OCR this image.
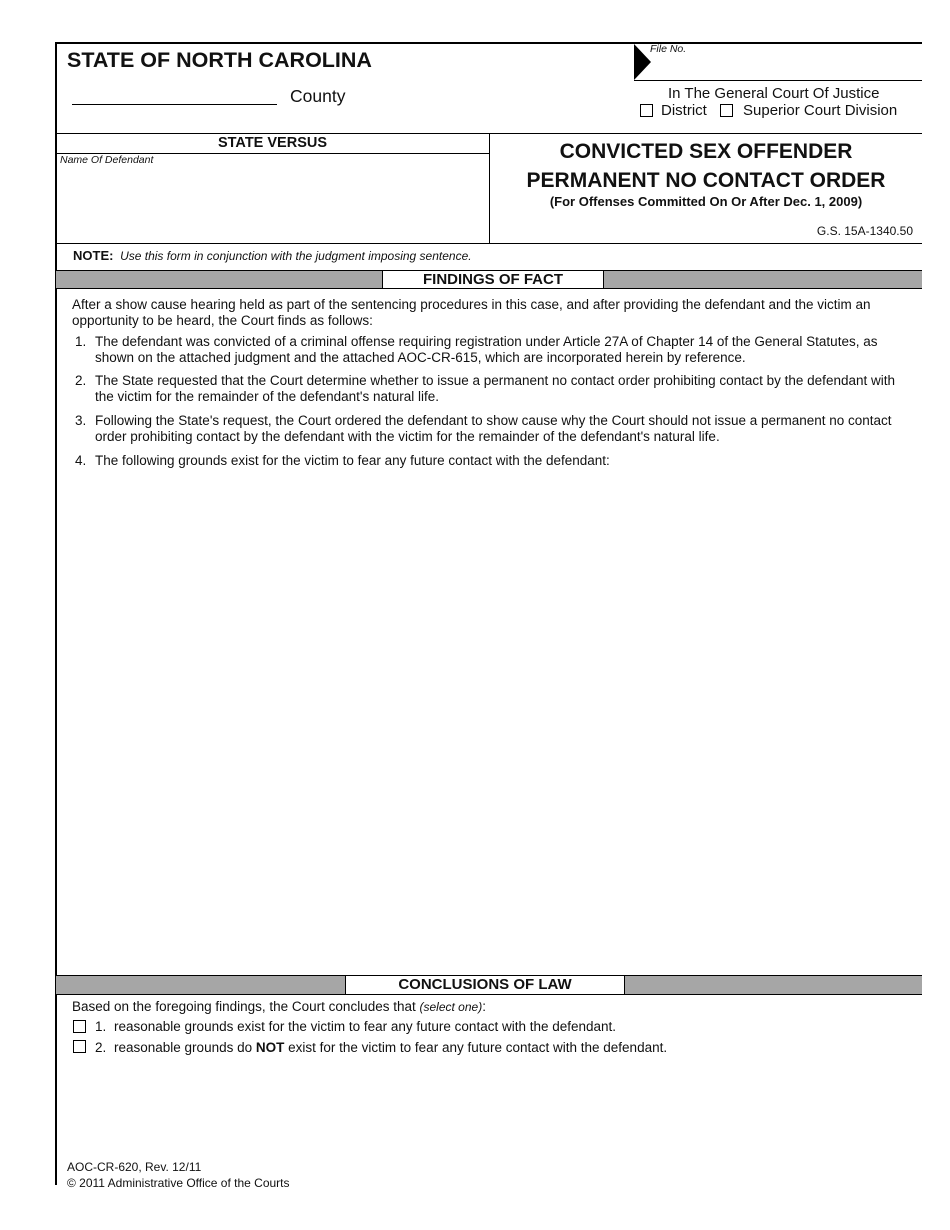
STATE OF NORTH CAROLINA
County
File No.
In The General Court Of Justice
District Superior Court Division
STATE VERSUS
Name Of Defendant	CONVICTED SEX OFFENDER
PERMANENT NO CONTACT ORDER
(For Offenses Committed On Or After Dec. 1, 2009)
G.S. 15A-1340.50
NOTE: Use this form in conjunction with the judgment imposing sentence.
FINDINGS OF FACT
After a show cause hearing held as part of the sentencing procedures in this case, and after providing the defendant and the victim an opportunity to be heard, the Court finds as follows:
1. The defendant was convicted of a criminal offense requiring registration under Article 27A of Chapter 14 of the General Statutes, as shown on the attached judgment and the attached AOC-CR-615, which are incorporated herein by reference.
2. The State requested that the Court determine whether to issue a permanent no contact order prohibiting contact by the defendant with the victim for the remainder of the defendant's natural life.
3. Following the State's request, the Court ordered the defendant to show cause why the Court should not issue a permanent no contact order prohibiting contact by the defendant with the victim for the remainder of the defendant's natural life.
4. The following grounds exist for the victim to fear any future contact with the defendant:
CONCLUSIONS OF LAW
Based on the foregoing findings, the Court concludes that (select one):
1. reasonable grounds exist for the victim to fear any future contact with the defendant.
2. reasonable grounds do NOT exist for the victim to fear any future contact with the defendant.
AOC-CR-620, Rev. 12/11
© 2011 Administrative Office of the Courts
